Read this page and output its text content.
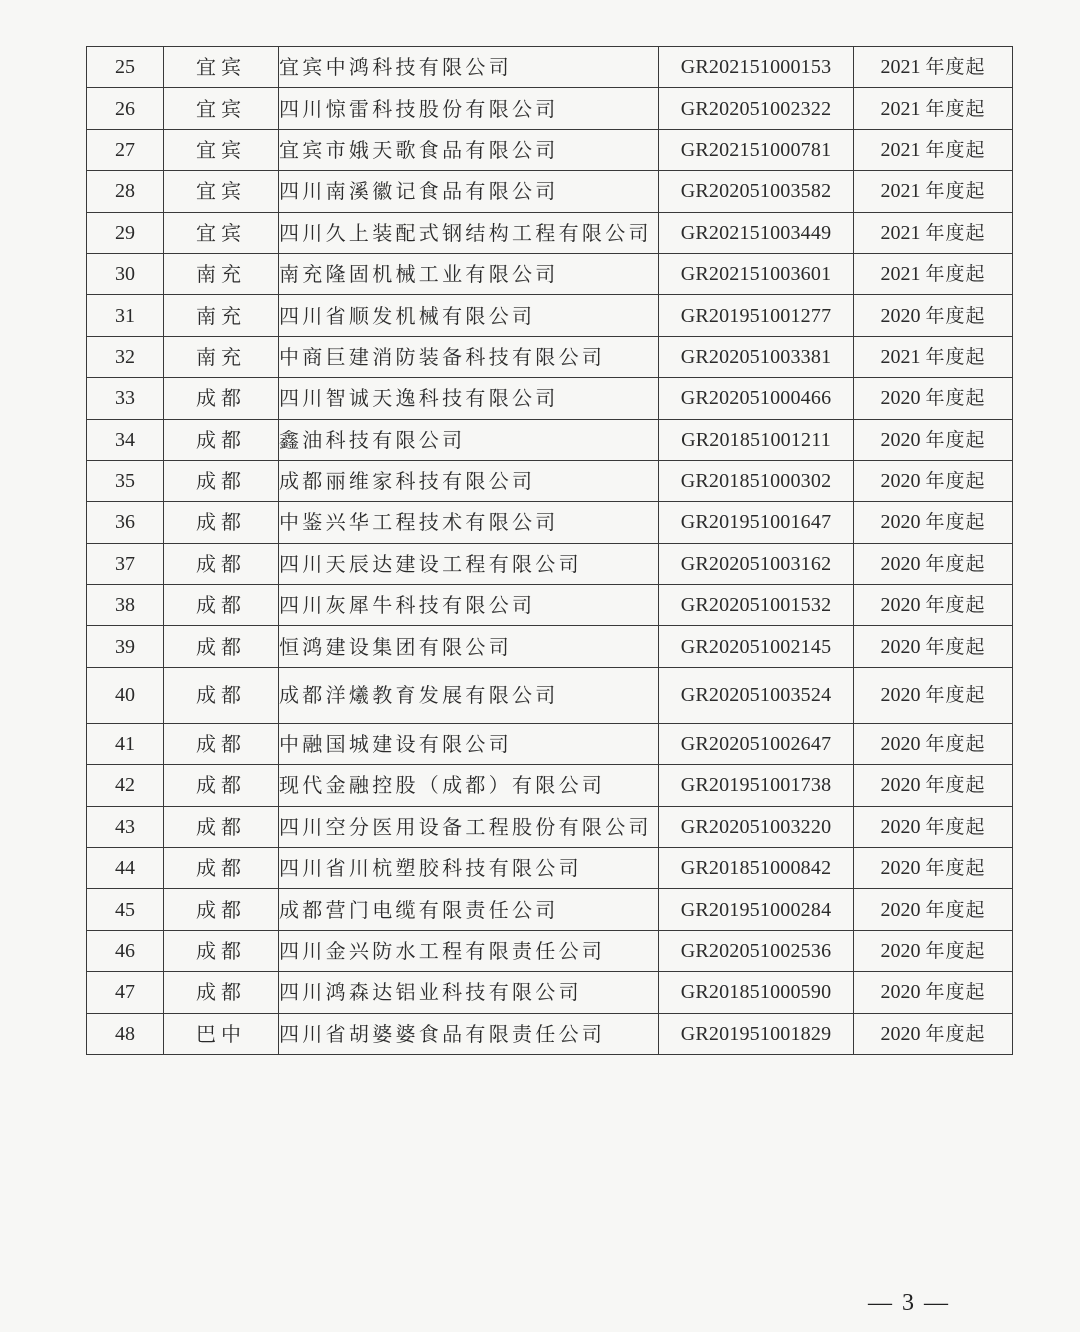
25	宜宾	宜宾中鸿科技有限公司	GR202151000153	2021 年度起
26	宜宾	四川惊雷科技股份有限公司	GR202051002322	2021 年度起
27	宜宾	宜宾市娥天歌食品有限公司	GR202151000781	2021 年度起
28	宜宾	四川南溪徽记食品有限公司	GR202051003582	2021 年度起
29	宜宾	四川久上装配式钢结构工程有限公司	GR202151003449	2021 年度起
30	南充	南充隆固机械工业有限公司	GR202151003601	2021 年度起
31	南充	四川省顺发机械有限公司	GR201951001277	2020 年度起
32	南充	中商巨建消防装备科技有限公司	GR202051003381	2021 年度起
33	成都	四川智诚天逸科技有限公司	GR202051000466	2020 年度起
34	成都	鑫油科技有限公司	GR201851001211	2020 年度起
35	成都	成都丽维家科技有限公司	GR201851000302	2020 年度起
36	成都	中鉴兴华工程技术有限公司	GR201951001647	2020 年度起
37	成都	四川天辰达建设工程有限公司	GR202051003162	2020 年度起
38	成都	四川灰犀牛科技有限公司	GR202051001532	2020 年度起
39	成都	恒鸿建设集团有限公司	GR202051002145	2020 年度起
40	成都	成都洋爔教育发展有限公司	GR202051003524	2020 年度起
41	成都	中融国城建设有限公司	GR202051002647	2020 年度起
42	成都	现代金融控股（成都）有限公司	GR201951001738	2020 年度起
43	成都	四川空分医用设备工程股份有限公司	GR202051003220	2020 年度起
44	成都	四川省川杭塑胶科技有限公司	GR201851000842	2020 年度起
45	成都	成都营门电缆有限责任公司	GR201951000284	2020 年度起
46	成都	四川金兴防水工程有限责任公司	GR202051002536	2020 年度起
47	成都	四川鸿森达铝业科技有限公司	GR201851000590	2020 年度起
48	巴中	四川省胡婆婆食品有限责任公司	GR201951001829	2020 年度起
— 3 —
